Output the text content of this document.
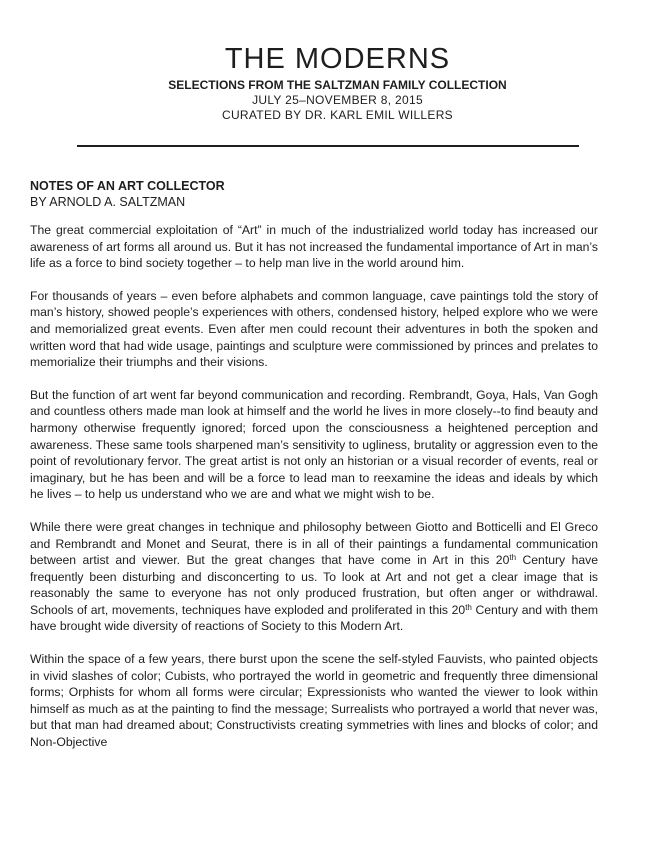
THE MODERNS
SELECTIONS FROM THE SALTZMAN FAMILY COLLECTION
JULY 25–NOVEMBER 8, 2015
CURATED BY DR. KARL EMIL WILLERS
NOTES OF AN ART COLLECTOR
BY ARNOLD A. SALTZMAN

The great commercial exploitation of “Art” in much of the industrialized world today has increased our awareness of art forms all around us. But it has not increased the fundamental importance of Art in man’s life as a force to bind society together – to help man live in the world around him.

For thousands of years – even before alphabets and common language, cave paintings told the story of man’s history, showed people’s experiences with others, condensed history, helped explore who we were and memorialized great events. Even after men could recount their adventures in both the spoken and written word that had wide usage, paintings and sculpture were commissioned by princes and prelates to memorialize their triumphs and their visions.

But the function of art went far beyond communication and recording. Rembrandt, Goya, Hals, Van Gogh and countless others made man look at himself and the world he lives in more closely--to find beauty and harmony otherwise frequently ignored; forced upon the consciousness a heightened perception and awareness. These same tools sharpened man’s sensitivity to ugliness, brutality or aggression even to the point of revolutionary fervor. The great artist is not only an historian or a visual recorder of events, real or imaginary, but he has been and will be a force to lead man to reexamine the ideas and ideals by which he lives – to help us understand who we are and what we might wish to be.

While there were great changes in technique and philosophy between Giotto and Botticelli and El Greco and Rembrandt and Monet and Seurat, there is in all of their paintings a fundamental communication between artist and viewer. But the great changes that have come in Art in this 20th Century have frequently been disturbing and disconcerting to us. To look at Art and not get a clear image that is reasonably the same to everyone has not only produced frustration, but often anger or withdrawal. Schools of art, movements, techniques have exploded and proliferated in this 20th Century and with them have brought wide diversity of reactions of Society to this Modern Art.

Within the space of a few years, there burst upon the scene the self-styled Fauvists, who painted objects in vivid slashes of color; Cubists, who portrayed the world in geometric and frequently three dimensional forms; Orphists for whom all forms were circular; Expressionists who wanted the viewer to look within himself as much as at the painting to find the message; Surrealists who portrayed a world that never was, but that man had dreamed about; Constructivists creating symmetries with lines and blocks of color; and Non-Objective
